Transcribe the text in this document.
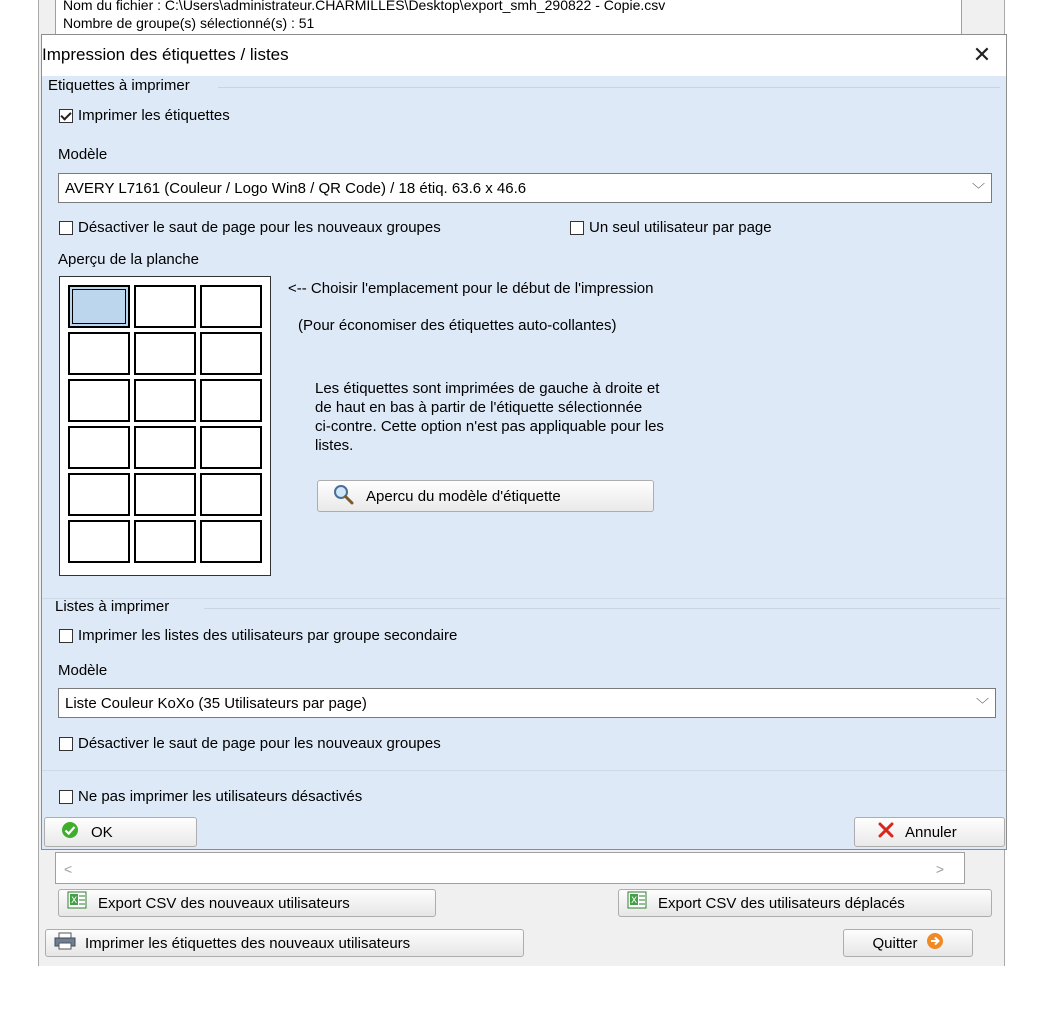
Nom du fichier : C:\Users\administrateur.CHARMILLES\Desktop\export_smh_290822 - Copie.csv
Nombre de groupe(s) sélectionné(s) : 51
<	>
X Export CSV des nouveaux utilisateurs	X Export CSV des utilisateurs déplacés
Imprimer les étiquettes des nouveaux utilisateurs	Quitter
Impression des étiquettes / listes	✕
Etiquettes à imprimer
Imprimer les étiquettes
Modèle
AVERY L7161 (Couleur / Logo Win8 / QR Code) / 18 étiq. 63.6 x 46.6	﹀
Désactiver le saut de page pour les nouveaux groupes	Un seul utilisateur par page
Aperçu de la planche
<-- Choisir l'emplacement pour le début de l'impression
(Pour économiser des étiquettes auto-collantes)
Les étiquettes sont imprimées de gauche à droite et
de haut en bas à partir de l'étiquette sélectionnée
ci-contre. Cette option n'est pas appliquable pour les
listes.
Apercu du modèle d'étiquette
Listes à imprimer
Imprimer les listes des utilisateurs par groupe secondaire
Modèle
Liste Couleur KoXo (35 Utilisateurs par page)	﹀
Désactiver le saut de page pour les nouveaux groupes
Ne pas imprimer les utilisateurs désactivés
OK	Annuler
